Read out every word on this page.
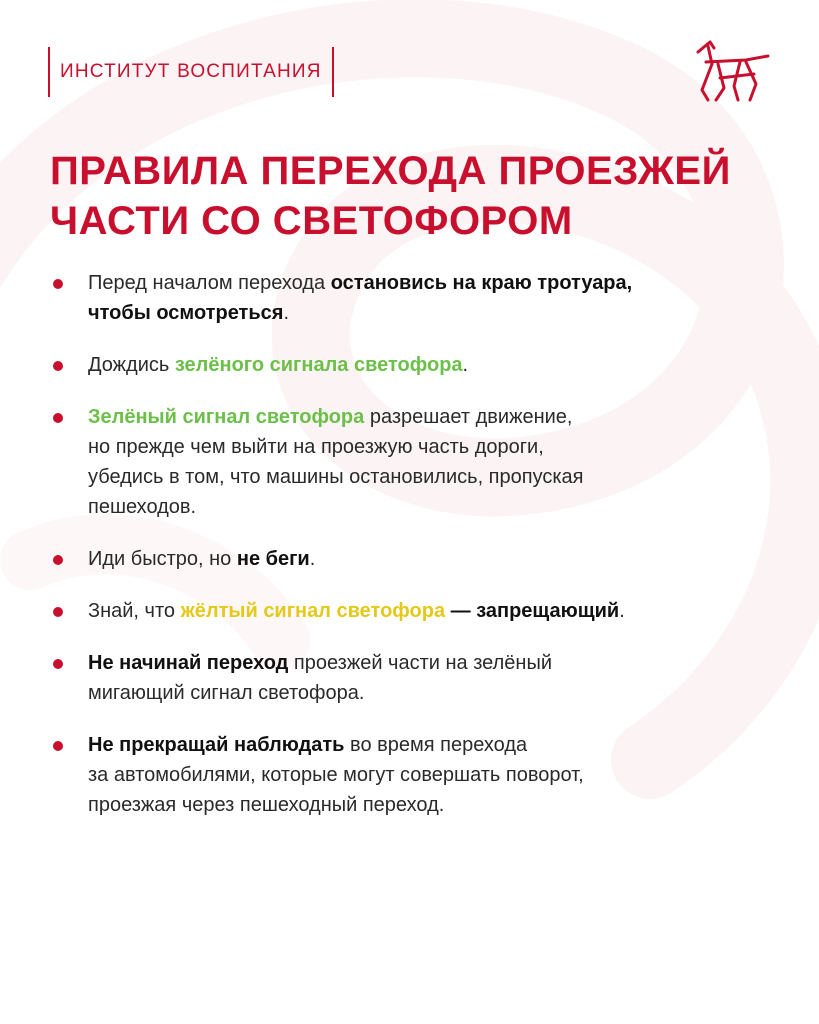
ИНСТИТУТ ВОСПИТАНИЯ
ПРАВИЛА ПЕРЕХОДА ПРОЕЗЖЕЙ
ЧАСТИ СО СВЕТОФОРОМ
Перед началом перехода остановись на краю тротуара,
чтобы осмотреться.
Дождись зелёного сигнала светофора.
Зелёный сигнал светофора разрешает движение,
но прежде чем выйти на проезжую часть дороги,
убедись в том, что машины остановились, пропуская
пешеходов.
Иди быстро, но не беги.
Знай, что жёлтый сигнал светофора — запрещающий.
Не начинай переход проезжей части на зелёный
мигающий сигнал светофора.
Не прекращай наблюдать во время перехода
за автомобилями, которые могут совершать поворот,
проезжая через пешеходный переход.
